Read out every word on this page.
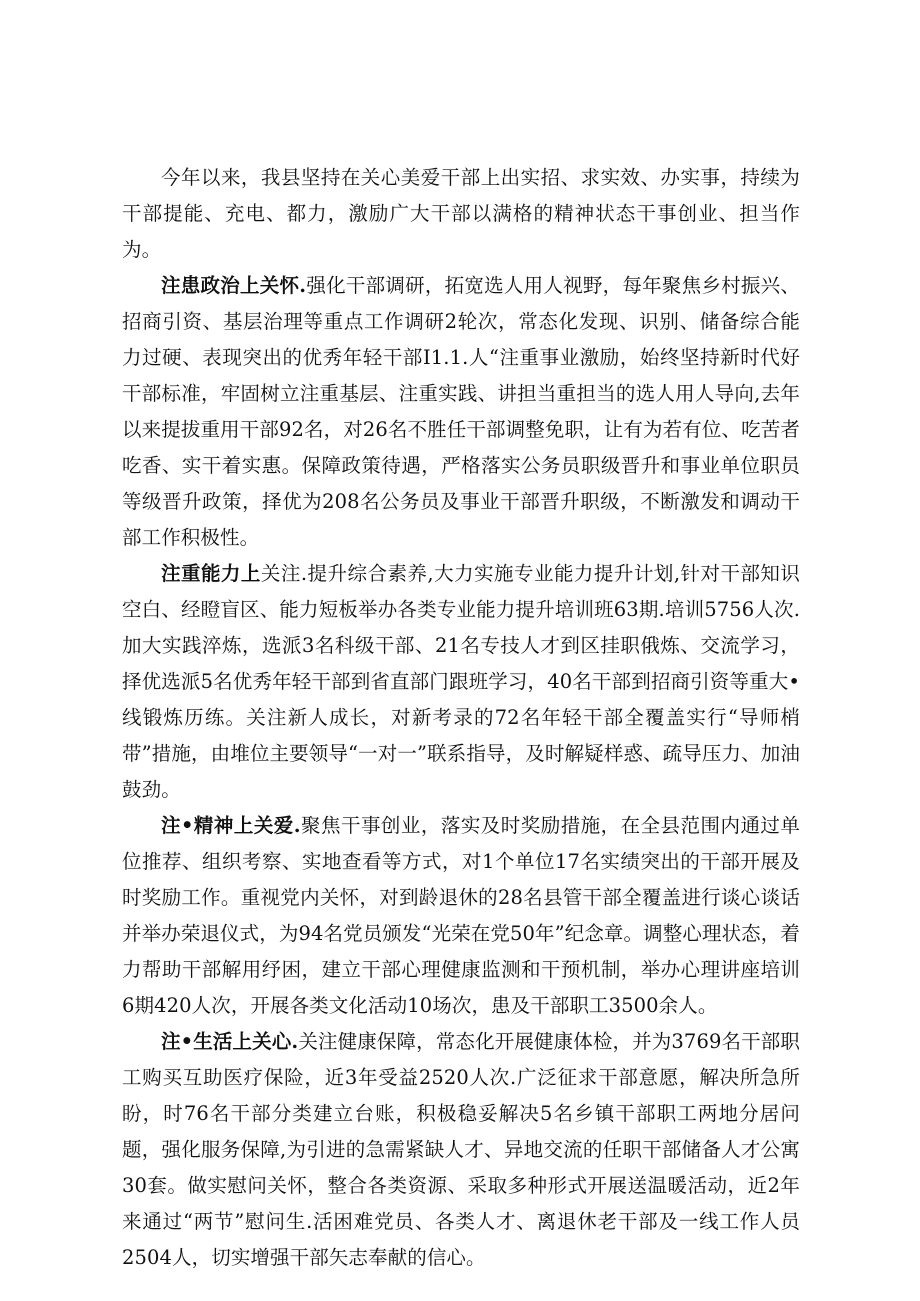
今年以来，我县坚持在关心美爱干部上出实招、求实效、办实事，持续为干部提能、充电、都力，激励广大干部以满格的精神状态干事创业、担当作为。

注患政治上关怀.强化干部调研，拓宽选人用人视野，每年聚焦乡村振兴、招商引资、基层治理等重点工作调研2轮次，常态化发现、识别、储备综合能力过硬、表现突出的优秀年轻干部I1.1.人“注重事业激励，始终坚持新时代好干部标准，牢固树立注重基层、注重实践、讲担当重担当的选人用人导向,去年以来提拔重用干部92名，对26名不胜任干部调整免职，让有为若有位、吃苦者吃香、实干着实惠。保障政策待遇，严格落实公务员职级晋升和事业单位职员等级晋升政策，择优为208名公务员及事业干部晋升职级，不断激发和调动干部工作积极性。

注重能力上关注.提升综合素养,大力实施专业能力提升计划,针对干部知识空白、经瞪盲区、能力短板举办各类专业能力提升培训班63期.培训5756人次.加大实践淬炼，选派3名科级干部、21名专技人才到区挂职俄炼、交流学习，择优选派5名优秀年轻干部到省直部门跟班学习，40名干部到招商引资等重大•线锻炼历练。关注新人成长，对新考录的72名年轻干部全覆盖实行“导师梢带”措施，由堆位主要领导“一对一”联系指导，及时解疑样惑、疏导压力、加油鼓劲。

注•精神上关爱.聚焦干事创业，落实及时奖励措施，在全县范围内通过单位推荐、组织考察、实地查看等方式，对1个单位17名实绩突出的干部开展及时奖励工作。重视党内关怀，对到龄退休的28名县管干部全覆盖进行谈心谈话并举办荣退仪式，为94名党员颁发“光荣在党50年”纪念章。调整心理状态，着力帮助干部解用纾困，建立干部心理健康监测和干预机制，举办心理讲座培训6期420人次，开展各类文化活动10场次，患及干部职工3500余人。

注•生活上关心.关注健康保障，常态化开展健康体检，并为3769名干部职工购买互助医疗保险，近3年受益2520人次.广泛征求干部意愿，解决所急所盼，时76名干部分类建立台账，积极稳妥解决5名乡镇干部职工两地分居问题，强化服务保障,为引进的急需紧缺人才、异地交流的任职干部储备人才公寓30套。做实慰问关怀，整合各类资源、采取多种形式开展送温暖活动，近2年来通过“两节”慰问生.活困难党员、各类人才、离退休老干部及一线工作人员2504人，切实增强干部矢志奉献的信心。
